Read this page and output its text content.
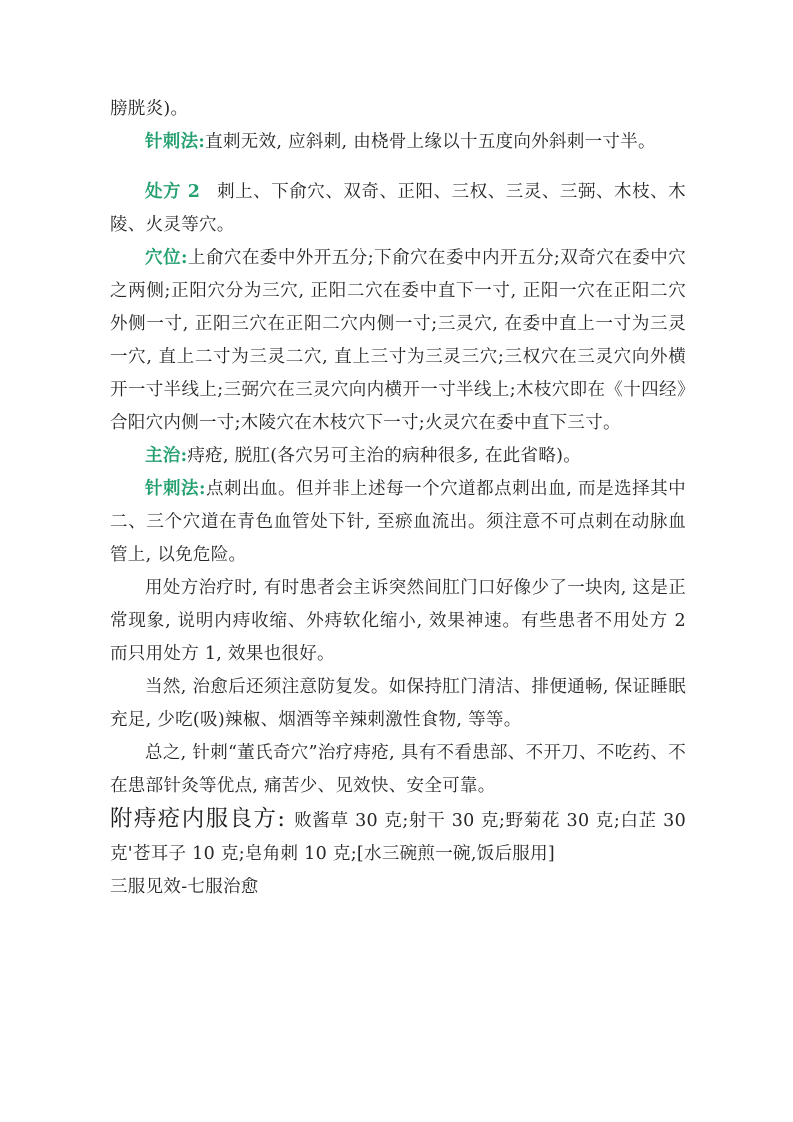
膀胱炎)。

针刺法:直刺无效, 应斜刺, 由桡骨上缘以十五度向外斜刺一寸半。

处方 2 刺上、下俞穴、双奇、正阳、三权、三灵、三弼、木枝、木陵、火灵等穴。

穴位:上俞穴在委中外开五分;下俞穴在委中内开五分;双奇穴在委中穴之两侧;正阳穴分为三穴, 正阳二穴在委中直下一寸, 正阳一穴在正阳二穴外侧一寸, 正阳三穴在正阳二穴内侧一寸;三灵穴, 在委中直上一寸为三灵一穴, 直上二寸为三灵二穴, 直上三寸为三灵三穴;三权穴在三灵穴向外横开一寸半线上;三弼穴在三灵穴向内横开一寸半线上;木枝穴即在《十四经》合阳穴内侧一寸;木陵穴在木枝穴下一寸;火灵穴在委中直下三寸。

主治:痔疮, 脱肛(各穴另可主治的病种很多, 在此省略)。

针刺法:点刺出血。但并非上述每一个穴道都点刺出血, 而是选择其中二、三个穴道在青色血管处下针, 至瘀血流出。须注意不可点刺在动脉血管上, 以免危险。

用处方治疗时, 有时患者会主诉突然间肛门口好像少了一块肉, 这是正常现象, 说明内痔收缩、外痔软化缩小, 效果神速。有些患者不用处方 2 而只用处方 1, 效果也很好。

当然, 治愈后还须注意防复发。如保持肛门清洁、排便通畅, 保证睡眠充足, 少吃(吸)辣椒、烟酒等辛辣刺激性食物, 等等。

总之, 针刺“董氏奇穴”治疗痔疮, 具有不看患部、不开刀、不吃药、不在患部针灸等优点, 痛苦少、见效快、安全可靠。

附痔疮内服良方: 败酱草 30 克;射干 30 克;野菊花 30 克;白芷 30 克'苍耳子 10 克;皂角刺 10 克;[水三碗煎一碗,饭后服用]

三服见效-七服治愈
